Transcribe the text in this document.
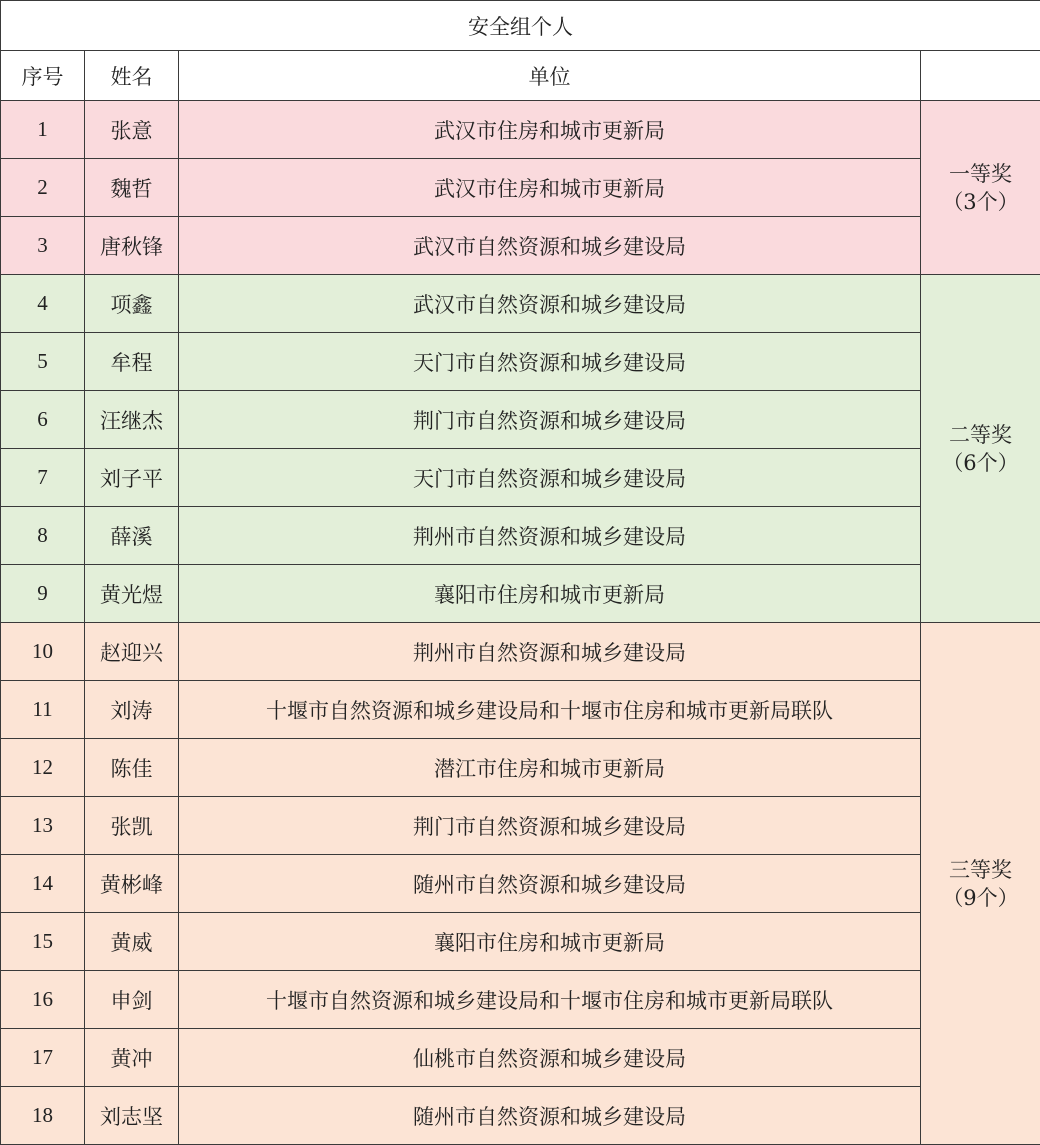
安全组个人			
序号	姓名	单位	
1	张意	武汉市住房和城市更新局	一等奖
（3个）

2	魏哲	武汉市住房和城市更新局	
3	唐秋锋	武汉市自然资源和城乡建设局	
4	项鑫	武汉市自然资源和城乡建设局	二等奖
（6个）

5	牟程	天门市自然资源和城乡建设局	
6	汪继杰	荆门市自然资源和城乡建设局	
7	刘子平	天门市自然资源和城乡建设局	
8	薛溪	荆州市自然资源和城乡建设局	
9	黄光煜	襄阳市住房和城市更新局	
10	赵迎兴	荆州市自然资源和城乡建设局	三等奖
（9个）

11	刘涛	十堰市自然资源和城乡建设局和十堰市住房和城市更新局联队	
12	陈佳	潜江市住房和城市更新局	
13	张凯	荆门市自然资源和城乡建设局	
14	黄彬峰	随州市自然资源和城乡建设局	
15	黄威	襄阳市住房和城市更新局	
16	申剑	十堰市自然资源和城乡建设局和十堰市住房和城市更新局联队	
17	黄冲	仙桃市自然资源和城乡建设局	
18	刘志坚	随州市自然资源和城乡建设局	
